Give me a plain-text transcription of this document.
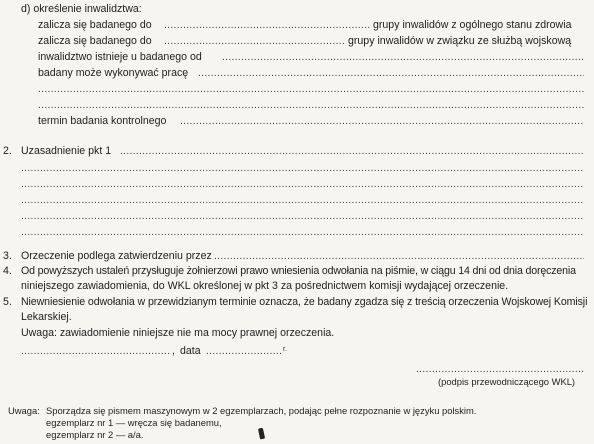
d) określenie inwalidztwa:
zalicza się badanego do .....	grupy inwalidów z ogólnego stanu zdrowia
zalicza się badanego do .....	grupy inwalidów w związku ze służbą wojskową
inwalidztwo istnieje u badanego od
.....
badany może wykonywać pracę
.....
.....
.....
termin badania kontrolnego
.....
2. Uzasadnienie pkt 1
.....
.....
.....
.....
.....
.....
3. Orzeczenie podlega zatwierdzeniu przez
.....
4. Od powyższych ustaleń przysługuje żołnierzowi prawo wniesienia odwołania na piśmie, w ciągu 14 dni od dnia doręczenia
niniejszego zawiadomienia, do WKL określonej w pkt 3 za pośrednictwem komisji wydającej orzeczenie.
5. Niewniesienie odwołania w przewidzianym terminie oznacza, że badany zgadza się z treścią orzeczenia Wojskowej Komisji
Lekarskiej.
Uwaga: zawiadomienie niniejsze nie ma mocy prawnej orzeczenia.
.....
, data .....	r.
.....
(podpis przewodniczącego WKL)
Uwaga: Sporządza się pismem maszynowym w 2 egzemplarzach, podając pełne rozpoznanie w języku polskim.
egzemplarz nr 1 — wręcza się badanemu,
egzemplarz nr 2 — a/a.
